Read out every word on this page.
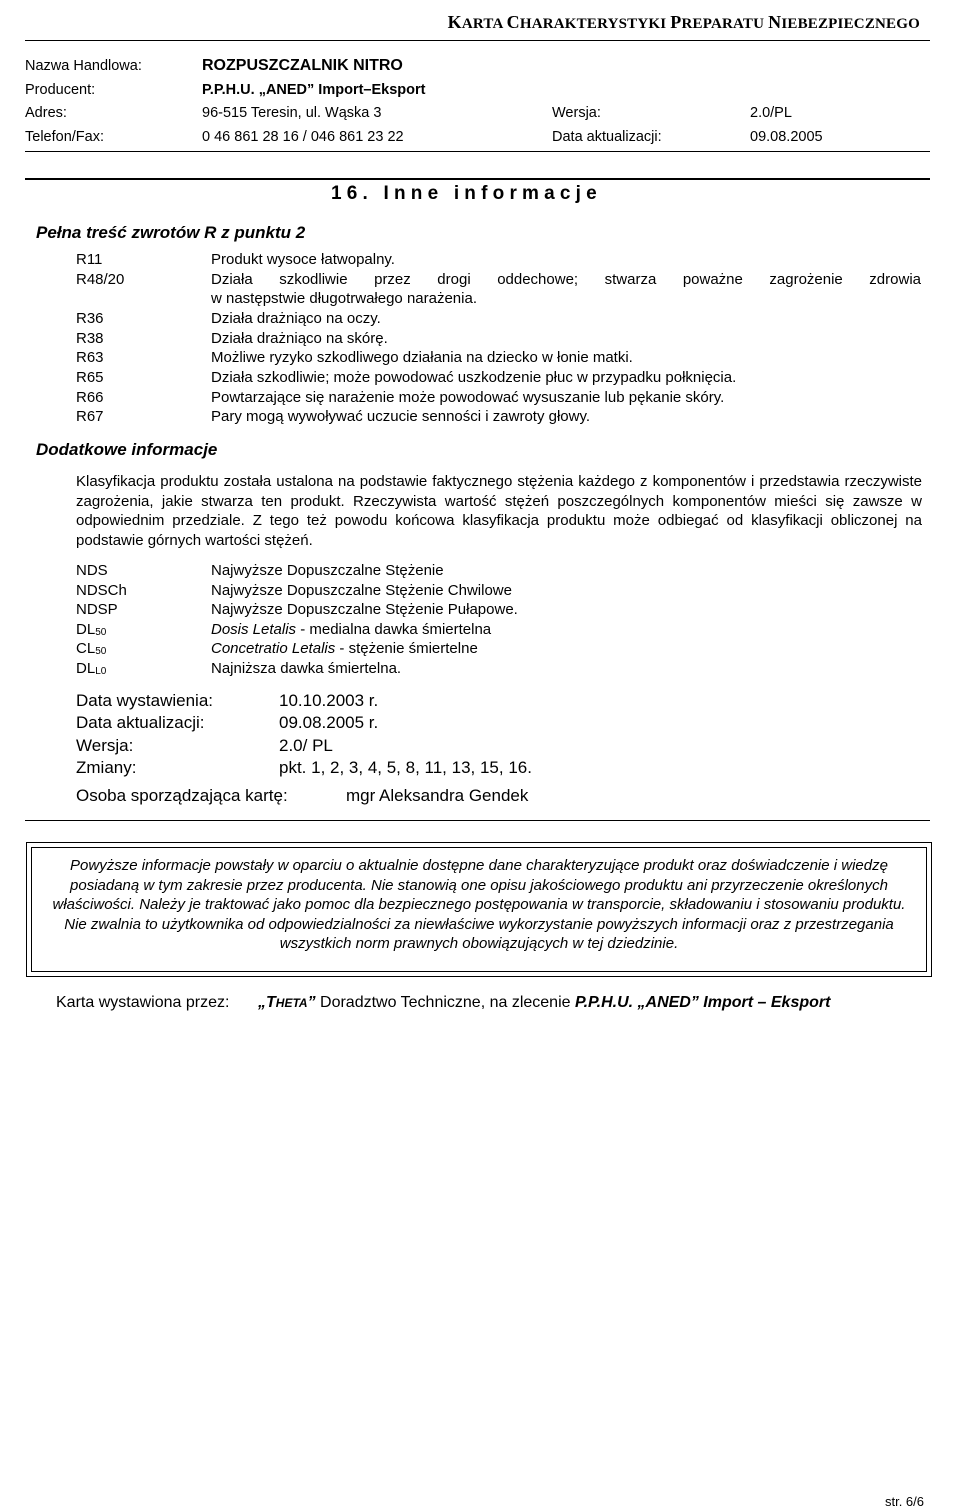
KARTA CHARAKTERYSTYKI PREPARATU NIEBEZPIECZNEGO
Nazwa Handlowa:	ROZPUSZCZALNIK NITRO
Producent:	P.P.H.U. „ANED” Import–Eksport
Adres:	96-515 Teresin, ul. Wąska 3	Wersja:	2.0/PL
Telefon/Fax:	0 46 861 28 16 / 046 861 23 22	Data aktualizacji:	09.08.2005
16. Inne informacje
Pełna treść zwrotów R z punktu 2
R11	Produkt wysoce łatwopalny.
R48/20	Działa szkodliwie przez drogi oddechowe; stwarza poważne zagrożenie zdrowia
w następstwie długotrwałego narażenia.
R36	Działa drażniąco na oczy.
R38	Działa drażniąco na skórę.
R63	Możliwe ryzyko szkodliwego działania na dziecko w łonie matki.
R65	Działa szkodliwie; może powodować uszkodzenie płuc w przypadku połknięcia.
R66	Powtarzające się narażenie może powodować wysuszanie lub pękanie skóry.
R67	Pary mogą wywoływać uczucie senności i zawroty głowy.
Dodatkowe informacje
Klasyfikacja produktu została ustalona na podstawie faktycznego stężenia każdego z komponentów i przedstawia rzeczywiste zagrożenia, jakie stwarza ten produkt. Rzeczywista wartość stężeń poszczególnych komponentów mieści się zawsze w odpowiednim przedziale. Z tego też powodu końcowa klasyfikacja produktu może odbiegać od klasyfikacji obliczonej na podstawie górnych wartości stężeń.
NDS	Najwyższe Dopuszczalne Stężenie
NDSCh	Najwyższe Dopuszczalne Stężenie Chwilowe
NDSP	Najwyższe Dopuszczalne Stężenie Pułapowe.
$DL_{50}$	Dosis Letalis - medialna dawka śmiertelna
$CL_{50}$	Concetratio Letalis - stężenie śmiertelne
$DL_{L0}$	Najniższa dawka śmiertelna.
Data wystawienia:	10.10.2003 r.
Data aktualizacji:	09.08.2005 r.
Wersja:	2.0/ PL
Zmiany:	pkt. 1, 2, 3, 4, 5, 8, 11, 13, 15, 16.
Osoba sporządzająca kartę:	mgr Aleksandra Gendek
Powyższe informacje powstały w oparciu o aktualnie dostępne dane charakteryzujące produkt oraz doświadczenie i wiedzę posiadaną w tym zakresie przez producenta. Nie stanowią one opisu jakościowego produktu ani przyrzeczenie określonych właściwości. Należy je traktować jako pomoc dla bezpiecznego postępowania w transporcie, składowaniu i stosowaniu produktu. Nie zwalnia to użytkownika od odpowiedzialności za niewłaściwe wykorzystanie powyższych informacji oraz z przestrzegania wszystkich norm prawnych obowiązujących w tej dziedzinie.
Karta wystawiona przez: „THETA” Doradztwo Techniczne, na zlecenie P.P.H.U. „ANED” Import – Eksport
str. 6/6
